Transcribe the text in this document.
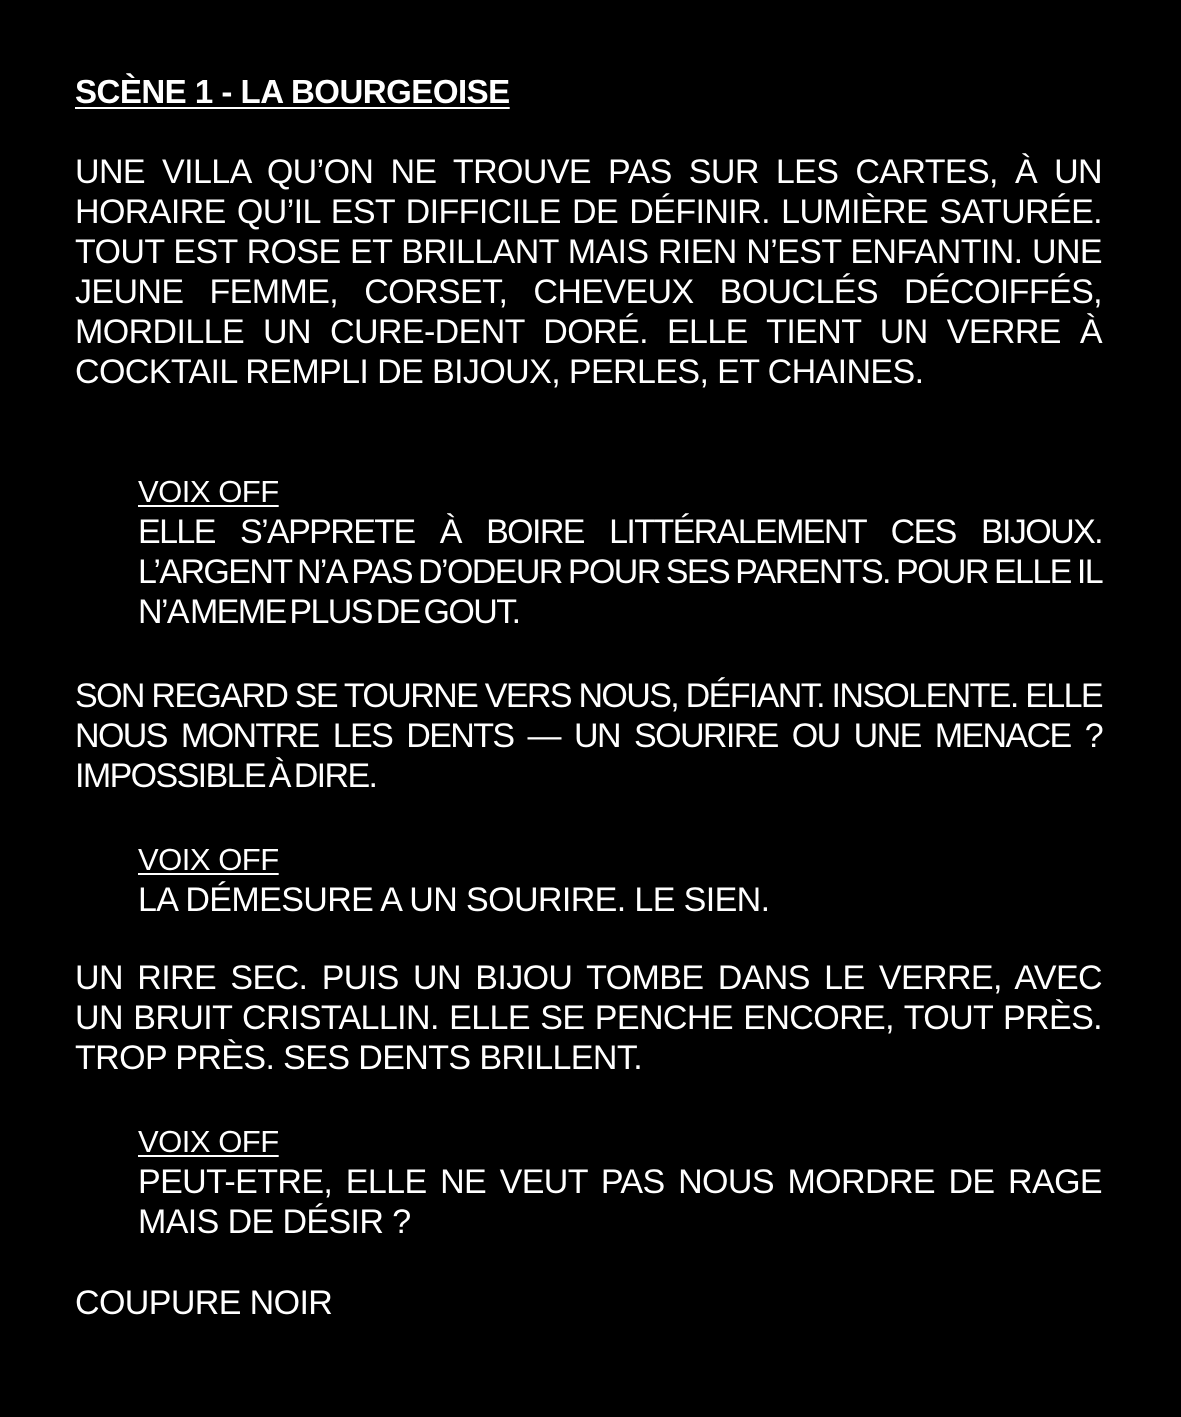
SCÈNE 1 - LA BOURGEOISE

UNE VILLA QU’ON NE TROUVE PAS SUR LES CARTES, À UN HORAIRE QU’IL EST DIFFICILE DE DÉFINIR. LUMIÈRE SATURÉE. TOUT EST ROSE ET BRILLANT MAIS RIEN N’EST ENFANTIN. UNE JEUNE FEMME, CORSET, CHEVEUX BOUCLÉS DÉCOIFFÉS, MORDILLE UN CURE-DENT DORÉ. ELLE TIENT UN VERRE À COCKTAIL REMPLI DE BIJOUX, PERLES, ET CHAINES.

VOIX OFF
ELLE S’APPRETE À BOIRE LITTÉRALEMENT CES BIJOUX. L’ARGENT N’A PAS D’ODEUR POUR SES PARENTS. POUR ELLE IL N’A MEME PLUS DE GOUT.

SON REGARD SE TOURNE VERS NOUS, DÉFIANT. INSOLENTE. ELLE NOUS MONTRE LES DENTS — UN SOURIRE OU UNE MENACE ? IMPOSSIBLE À DIRE.

VOIX OFF
LA DÉMESURE A UN SOURIRE. LE SIEN.

UN RIRE SEC. PUIS UN BIJOU TOMBE DANS LE VERRE, AVEC UN BRUIT CRISTALLIN. ELLE SE PENCHE ENCORE, TOUT PRÈS. TROP PRÈS. SES DENTS BRILLENT.

VOIX OFF
PEUT-ETRE, ELLE NE VEUT PAS NOUS MORDRE DE RAGE MAIS DE DÉSIR ?

COUPURE NOIR
